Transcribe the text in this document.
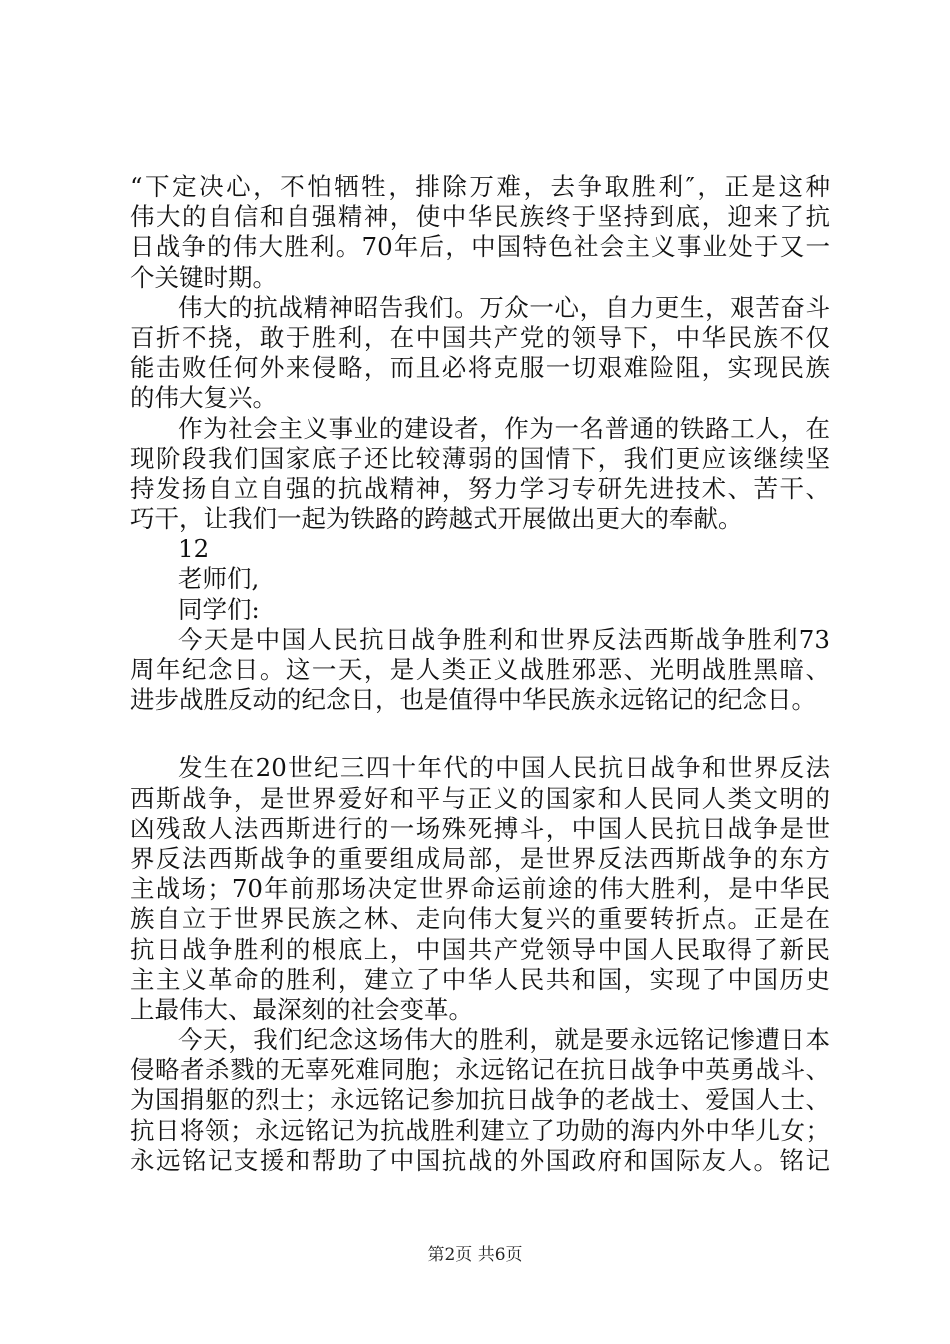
“下定决心，不怕牺牲，排除万难，去争取胜利″，正是这种
伟大的自信和自强精神，使中华民族终于坚持到底，迎来了抗
日战争的伟大胜利。70年后，中国特色社会主义事业处于又一
个关键时期。
伟大的抗战精神昭告我们。万众一心，自力更生，艰苦奋斗
百折不挠，敢于胜利，在中国共产党的领导下，中华民族不仅
能击败任何外来侵略，而且必将克服一切艰难险阻，实现民族
的伟大复兴。
作为社会主义事业的建设者，作为一名普通的铁路工人，在
现阶段我们国家底子还比较薄弱的国情下，我们更应该继续坚
持发扬自立自强的抗战精神，努力学习专研先进技术、苦干、
巧干，让我们一起为铁路的跨越式开展做出更大的奉献。
12
老师们,
同学们:
今天是中国人民抗日战争胜利和世界反法西斯战争胜利73
周年纪念日。这一天，是人类正义战胜邪恶、光明战胜黑暗、
进步战胜反动的纪念日，也是值得中华民族永远铭记的纪念日。
发生在20世纪三四十年代的中国人民抗日战争和世界反法
西斯战争，是世界爱好和平与正义的国家和人民同人类文明的
凶残敌人法西斯进行的一场殊死搏斗，中国人民抗日战争是世
界反法西斯战争的重要组成局部，是世界反法西斯战争的东方
主战场；70年前那场决定世界命运前途的伟大胜利，是中华民
族自立于世界民族之林、走向伟大复兴的重要转折点。正是在
抗日战争胜利的根底上，中国共产党领导中国人民取得了新民
主主义革命的胜利，建立了中华人民共和国，实现了中国历史
上最伟大、最深刻的社会变革。
今天，我们纪念这场伟大的胜利，就是要永远铭记惨遭日本
侵略者杀戮的无辜死难同胞；永远铭记在抗日战争中英勇战斗、
为国捐躯的烈士；永远铭记参加抗日战争的老战士、爱国人士、
抗日将领；永远铭记为抗战胜利建立了功勋的海内外中华儿女；
永远铭记支援和帮助了中国抗战的外国政府和国际友人。铭记
第2页 共6页
